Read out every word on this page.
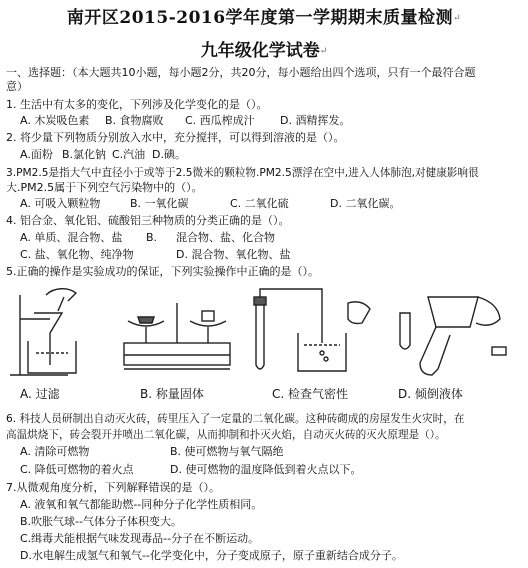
南开区2015-2016学年度第一学期期末质量检测↵
九年级化学试卷↵
一、选择题：（本大题共10小题，每小题2分，共20分，每小题给出四个选项，只有一个最符合题
意）
1. 生活中有太多的变化，下列涉及化学变化的是（）。
A. 木炭吸色素 B. 食物腐败 C. 西瓜榨成汁 D. 酒精挥发。
2. 将少量下列物质分别放入水中，充分搅拌，可以得到溶液的是（）。
A.面粉 B.氯化钠 C.汽油 D.碘。
3.PM2.5是指大气中直径小于或等于2.5微米的颗粒物.PM2.5漂浮在空中,进入人体肺泡,对健康影响很
大.PM2.5属于下列空气污染物中的（）。
A. 可吸入颗粒物	B. 一氧化碳	C. 二氧化硫	D. 二氧化碳。
4. 铝合金、氧化铝、硫酸铝三种物质的分类正确的是（）。
A. 单质、混合物、盐 B. 混合物、盐、化合物
C. 盐、氧化物、纯净物	D. 混合物、氧化物、盐
5.正确的操作是实验成功的保证，下列实验操作中正确的是（）。
A. 过滤	B. 称量固体	C. 检查气密性	D. 倾倒液体
6. 科技人员研制出自动灭火砖，砖里压入了一定量的二氧化碳。这种砖砌成的房屋发生火灾时，在
高温烘烧下，砖会裂开并喷出二氧化碳，从而抑制和扑灭火焰，自动灭火砖的灭火原理是（）。
A. 清除可燃物	B. 使可燃物与氧气隔绝
C. 降低可燃物的着火点	D. 使可燃物的温度降低到着火点以下。
7.从微观角度分析，下列解释错误的是（）。
A. 液氧和氧气都能助燃--同种分子化学性质相同。
B.吹胀气球--气体分子体积变大。
C.缉毒犬能根据气味发现毒品--分子在不断运动。
D.水电解生成氢气和氧气--化学变化中，分子变成原子，原子重新结合成分子。
